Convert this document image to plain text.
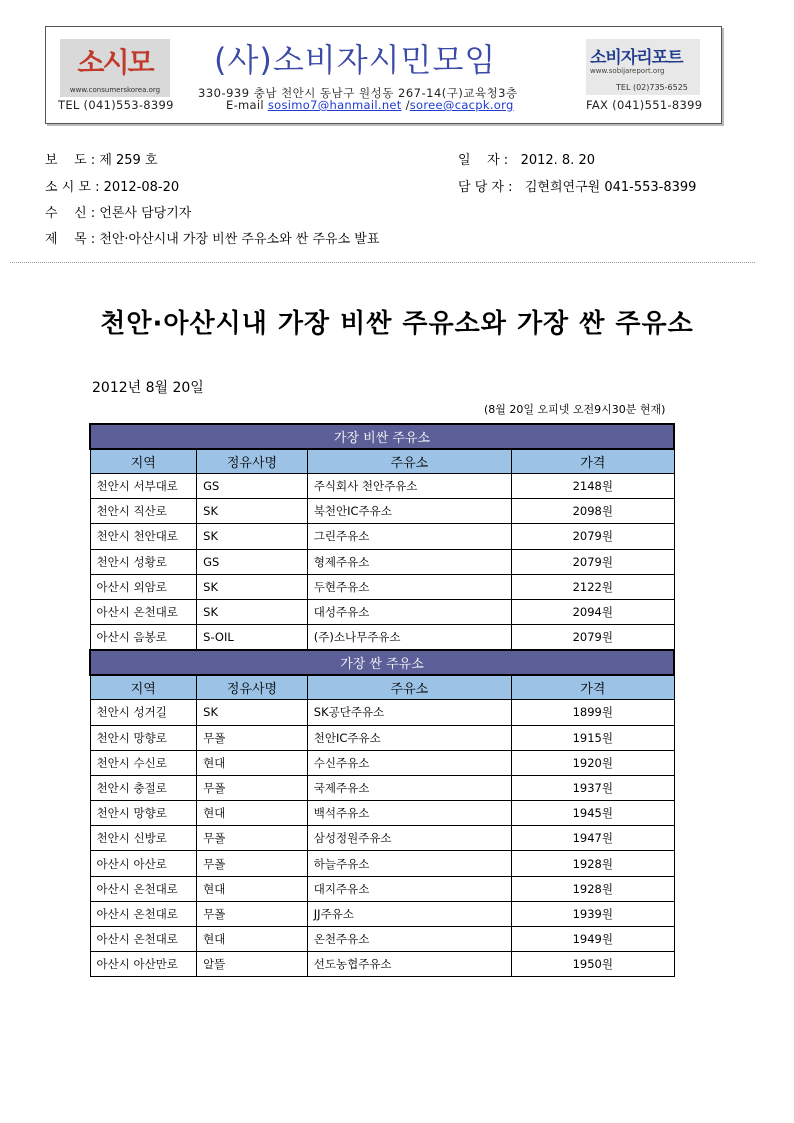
소시모
www.consumerskorea.org
(사)소비자시민모임
330-939 충남 천안시 동남구 원성동 267-14(구)교육청3층
소비자리포트
www.sobijareport.org
TEL (02)735-6525
TEL (041)553-8399	E-mail sosimo7@hanmail.net /soree@cacpk.org	FAX (041)551-8399
보    도 : 제 259 호	일    자 : 2012. 8. 20
소 시 모 : 2012-08-20	담 당 자 : 김현희연구원 041-553-8399
수    신 : 언론사 담당기자
제    목 : 천안·아산시내 가장 비싼 주유소와 싼 주유소 발표
천안·아산시내 가장 비싼 주유소와 가장 싼 주유소
2012년 8월 20일
(8월 20일 오피넷 오전9시30분 현재)
가장 비싼 주유소			
지역	정유사명	주유소	가격
천안시 서부대로	GS	주식회사 천안주유소	2148원
천안시 직산로	SK	북천안IC주유소	2098원
천안시 천안대로	SK	그린주유소	2079원
천안시 성황로	GS	형제주유소	2079원
아산시 외암로	SK	두현주유소	2122원
아산시 온천대로	SK	대성주유소	2094원
아산시 음봉로	S-OIL	(주)소나무주유소	2079원
가장 싼 주유소			
지역	정유사명	주유소	가격
천안시 성거길	SK	SK공단주유소	1899원
천안시 망향로	무폴	천안IC주유소	1915원
천안시 수신로	현대	수신주유소	1920원
천안시 충절로	무폴	국제주유소	1937원
천안시 망향로	현대	백석주유소	1945원
천안시 신방로	무폴	삼성정원주유소	1947원
아산시 아산로	무폴	하늘주유소	1928원
아산시 온천대로	현대	대지주유소	1928원
아산시 온천대로	무폴	JJ주유소	1939원
아산시 온천대로	현대	온천주유소	1949원
아산시 아산만로	알뜰	선도농협주유소	1950원
